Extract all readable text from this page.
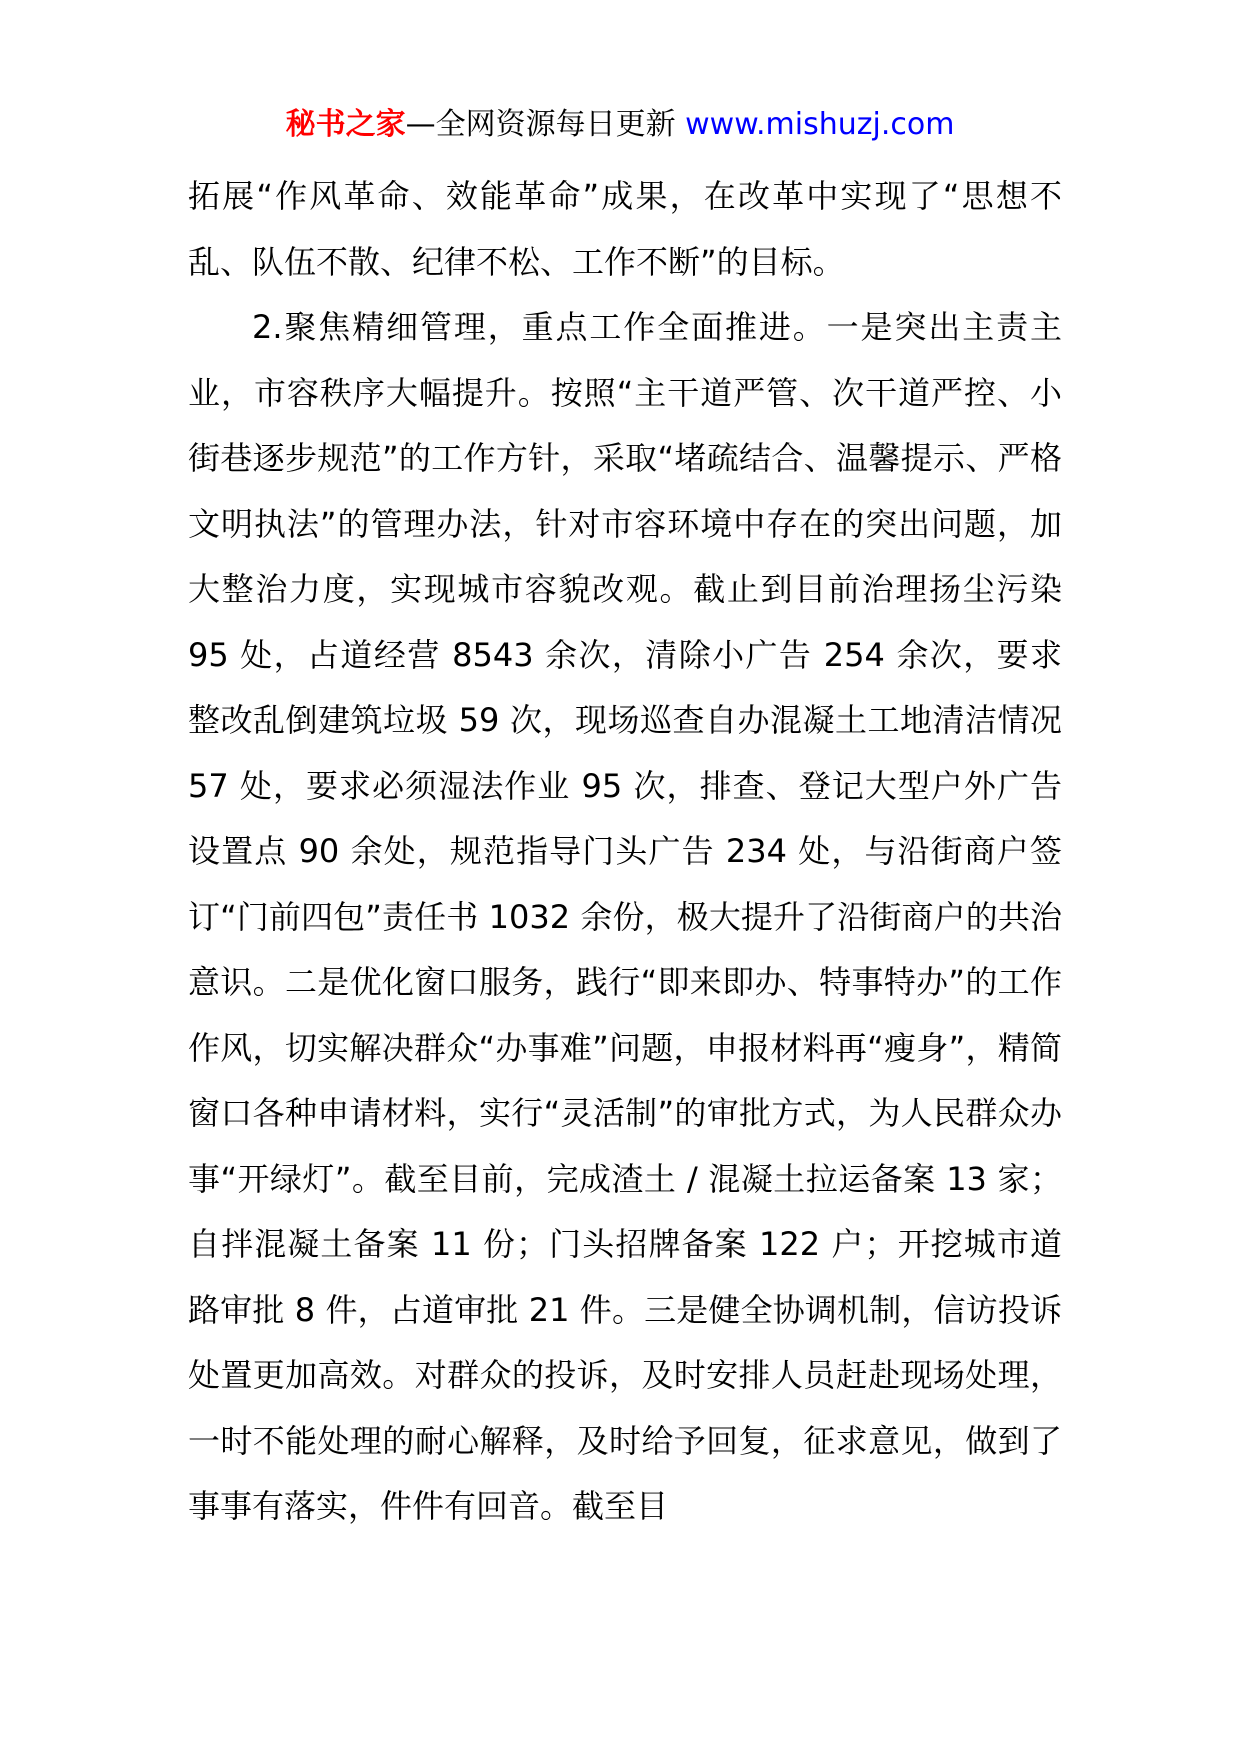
秘书之家—全网资源每日更新 www.mishuzj.com

拓展“作风革命、效能革命”成果，在改革中实现了“思想不乱、队伍不散、纪律不松、工作不断”的目标。

2.聚焦精细管理，重点工作全面推进。一是突出主责主业，市容秩序大幅提升。按照“主干道严管、次干道严控、小街巷逐步规范”的工作方针，采取“堵疏结合、温馨提示、严格文明执法”的管理办法，针对市容环境中存在的突出问题，加大整治力度，实现城市容貌改观。截止到目前治理扬尘污染 95 处，占道经营 8543 余次，清除小广告 254 余次，要求整改乱倒建筑垃圾 59 次，现场巡查自办混凝土工地清洁情况 57 处，要求必须湿法作业 95 次，排查、登记大型户外广告设置点 90 余处，规范指导门头广告 234 处，与沿街商户签订“门前四包”责任书 1032 余份，极大提升了沿街商户的共治意识。二是优化窗口服务，践行“即来即办、特事特办”的工作作风，切实解决群众“办事难”问题，申报材料再“瘦身”，精简窗口各种申请材料，实行“灵活制”的审批方式，为人民群众办事“开绿灯”。截至目前，完成渣土 / 混凝土拉运备案 13 家；自拌混凝土备案 11 份；门头招牌备案 122 户；开挖城市道路审批 8 件，占道审批 21 件。三是健全协调机制，信访投诉处置更加高效。对群众的投诉，及时安排人员赶赴现场处理，一时不能处理的耐心解释，及时给予回复，征求意见，做到了事事有落实，件件有回音。截至目
